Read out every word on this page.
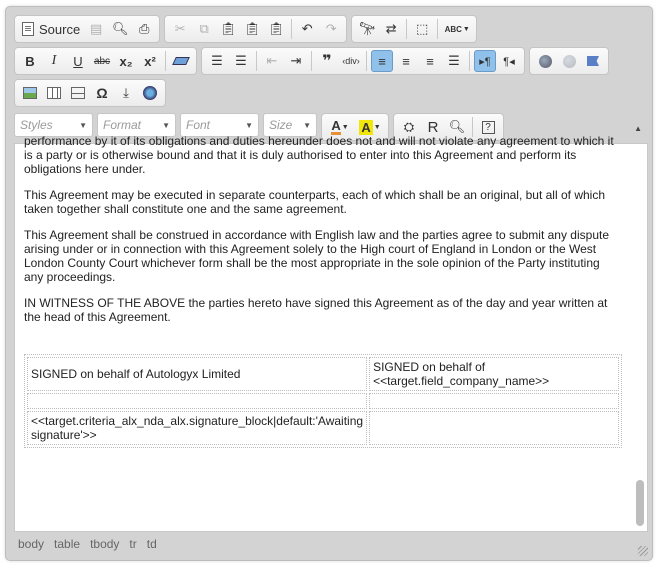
Source ▤ 🔍︎ ⎙ ✂ ⧉ 📋︎ 📋︎ 📋︎ ↶ ↷ 🔭︎ ⇄ ⬚ ABC ▼
B I U abc x₂ x²	☰ ☰ ⇤ ⇥ ❞ ‹div› ≡ ≡ ≡ ☰ ▸¶ ¶◂
Ω ⤓
Styles	▼ Format	▼ Font	▼ Size ▼ A ▼ A ▼ ⛭ R 🔍︎	?

performance by it of its obligations and duties hereunder does not and will not violate any agreement to which it is a party or is otherwise bound and that it is duly authorised to enter into this Agreement and perform its obligations here under.

This Agreement may be executed in separate counterparts, each of which shall be an original, but all of which taken together shall constitute one and the same agreement.

This Agreement shall be construed in accordance with English law and the parties agree to submit any dispute arising under or in connection with this Agreement solely to the High court of England in London or the West London County Court whichever form shall be the most appropriate in the sole opinion of the Party instituting any proceedings.

IN WITNESS OF THE ABOVE the parties hereto have signed this Agreement as of the day and year written at the head of this Agreement.

SIGNED on behalf of Autologyx Limited	SIGNED on behalf of <<target.field_company_name>>

<<target.criteria_alx_nda_alx.signature_block|default:'Awaiting signature'>>	
▲
body table tbody tr td
